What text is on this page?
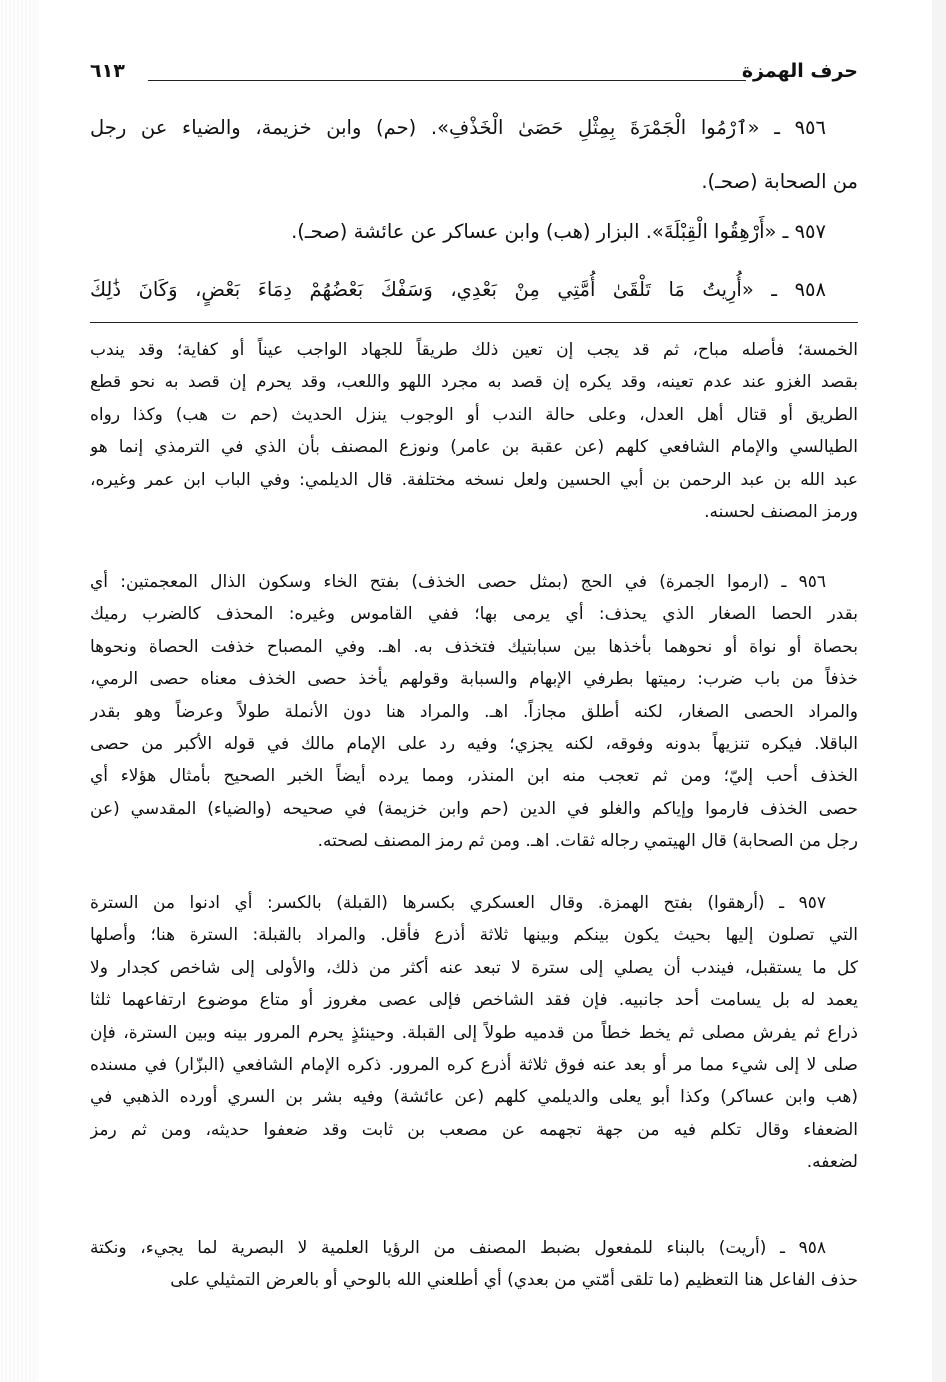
حرف الهمزة
٦١٣
٩٥٦ ـ «ٱرْمُوا الْجَمْرَةَ بِمِثْلِ حَصَىٰ الْخَذْفِ». (حم) وابن خزيمة، والضياء عن رجل
من الصحابة (صحـ).
٩٥٧ ـ «أَرْهِقُوا الْقِبْلَةَ». البزار (هب) وابن عساكر عن عائشة (صحـ).
٩٥٨ ـ «أُرِيتُ مَا تَلْقَىٰ أُمَّتِي مِنْ بَعْدِي، وَسَفْكَ بَعْضُهُمْ دِمَاءَ بَعْضٍ، وَكَانَ ذَٰلِكَ
الخمسة؛ فأصله مباح، ثم قد يجب إن تعين ذلك طريقاً للجهاد الواجب عيناً أو كفاية؛ وقد يندب
بقصد الغزو عند عدم تعينه، وقد يكره إن قصد به مجرد اللهو واللعب، وقد يحرم إن قصد به نحو قطع
الطريق أو قتال أهل العدل، وعلى حالة الندب أو الوجوب ينزل الحديث (حم ت هب) وكذا رواه
الطيالسي والإمام الشافعي كلهم (عن عقبة بن عامر) ونوزع المصنف بأن الذي في الترمذي إنما هو
عبد الله بن عبد الرحمن بن أبي الحسين ولعل نسخه مختلفة. قال الديلمي: وفي الباب ابن عمر وغيره،
ورمز المصنف لحسنه.
٩٥٦ ـ (ارموا الجمرة) في الحج (بمثل حصى الخذف) بفتح الخاء وسكون الذال المعجمتين: أي
بقدر الحصا الصغار الذي يحذف: أي يرمى بها؛ ففي القاموس وغيره: المحذف كالضرب رميك
بحصاة أو نواة أو نحوهما بأخذها بين سبابتيك فتخذف به. اهـ. وفي المصباح خذفت الحصاة ونحوها
خذفاً من باب ضرب: رميتها بطرفي الإبهام والسبابة وقولهم يأخذ حصى الخذف معناه حصى الرمي،
والمراد الحصى الصغار، لكنه أطلق مجازاً. اهـ. والمراد هنا دون الأنملة طولاً وعرضاً وهو بقدر
الباقلا. فيكره تنزيهاً بدونه وفوقه، لكنه يجزي؛ وفيه رد على الإمام مالك في قوله الأكبر من حصى
الخذف أحب إليّ؛ ومن ثم تعجب منه ابن المنذر، ومما يرده أيضاً الخبر الصحيح بأمثال هؤلاء أي
حصى الخذف فارموا وإياكم والغلو في الدين (حم وابن خزيمة) في صحيحه (والضياء) المقدسي (عن
رجل من الصحابة) قال الهيتمي رجاله ثقات. اهـ. ومن ثم رمز المصنف لصحته.
٩٥٧ ـ (أرهقوا) بفتح الهمزة. وقال العسكري بكسرها (القبلة) بالكسر: أي ادنوا من السترة
التي تصلون إليها بحيث يكون بينكم وبينها ثلاثة أذرع فأقل. والمراد بالقبلة: السترة هنا؛ وأصلها
كل ما يستقبل، فيندب أن يصلي إلى سترة لا تبعد عنه أكثر من ذلك، والأولى إلى شاخص كجدار ولا
يعمد له بل يسامت أحد جانبيه. فإن فقد الشاخص فإلى عصى مغروز أو متاع موضوع ارتفاعهما ثلثا
ذراع ثم يفرش مصلى ثم يخط خطاً من قدميه طولاً إلى القبلة. وحينئذٍ يحرم المرور بينه وبين السترة، فإن
صلى لا إلى شيء مما مر أو بعد عنه فوق ثلاثة أذرع كره المرور. ذكره الإمام الشافعي (البزّار) في مسنده
(هب وابن عساكر) وكذا أبو يعلى والديلمي كلهم (عن عائشة) وفيه بشر بن السري أورده الذهبي في
الضعفاء وقال تكلم فيه من جهة تجهمه عن مصعب بن ثابت وقد ضعفوا حديثه، ومن ثم رمز
لضعفه.
٩٥٨ ـ (أريت) بالبناء للمفعول بضبط المصنف من الرؤيا العلمية لا البصرية لما يجيء، ونكتة
حذف الفاعل هنا التعظيم (ما تلقى أمّتي من بعدي) أي أطلعني الله بالوحي أو بالعرض التمثيلي على
